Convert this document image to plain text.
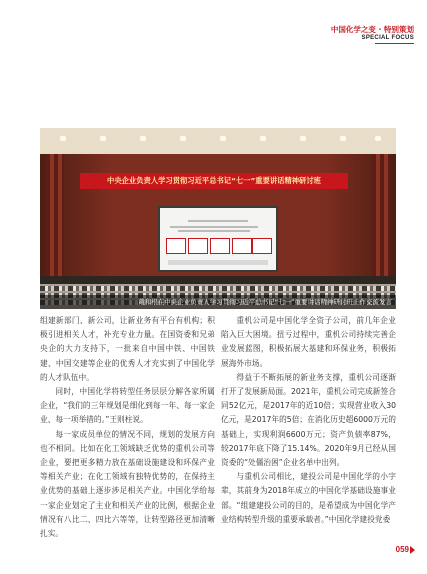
中国化学之变 · 特别策划
SPECIAL FOCUS
中央企业负责人学习贯彻习近平总书记“七一”重要讲话精神研讨班
戴和根在中央企业负责人学习贯彻习近平总书记“七一”重要讲话精神研讨班上作交流发言

组建新部门、新公司，让新业务有平台有机构；积极引进相关人才，补充专业力量。在国资委和兄弟央企的大力支持下，一批来自中国中铁、中国铁建、中国交建等企业的优秀人才充实到了中国化学的人才队伍中。

同时，中国化学将转型任务层层分解各家所属企业，“我们的三年规划是细化到每一年、每一家企业、每一项举措的。”王则柱说。

每一家成员单位的情况不同，规划的发展方向也不相同。比如在化工领域缺乏优势的重机公司等企业，要把更多精力放在基础设施建设和环保产业等相关产业；在化工领域有独特优势的，在保持主业优势的基础上逐步涉足相关产业。中国化学给每一家企业划定了主业和相关产业的比例，根据企业情况有八比二、四比六等等，让转型路径更加清晰扎实。

重机公司是中国化学全资子公司，前几年企业陷入巨大困境。扭亏过程中，重机公司持续完善企业发展蓝图，积极拓展大基建和环保业务，积极拓展海外市场。

得益于不断拓展的新业务支撑，重机公司逐渐打开了发展新局面。2021年，重机公司完成新签合同52亿元，是2017年的近10倍；实现营业收入30亿元，是2017年的5倍；在消化历史超6000万元的基础上，实现利润6600万元；资产负债率87%，较2017年底下降了15.14%。2020年9月已经从国资委的“处僵治困”企业名单中出列。

与重机公司相比，建投公司是中国化学的小字辈，其前身为2018年成立的中国化学基础设施事业部。“组建建投公司的目的，是希望成为中国化学产业结构转型升级的重要承载者。”中国化学建投党委

059
